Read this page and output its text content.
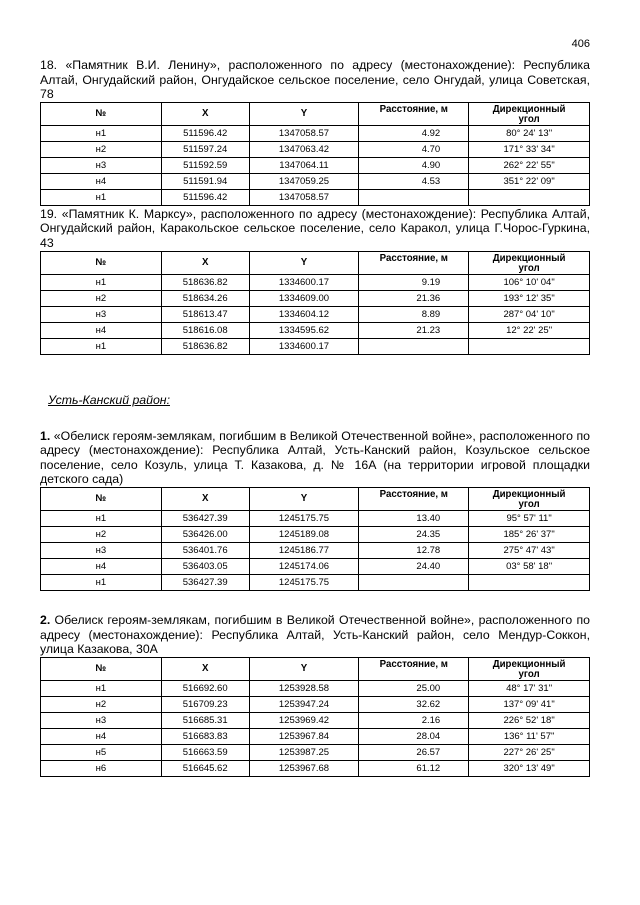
406

18. «Памятник В.И. Ленину», расположенного по адресу (местонахождение): Республика Алтай, Онгудайский район, Онгудайское сельское поселение, село Онгудай, улица Советская, 78

№	X	Y	Расстояние, м	Дирекционный
угол
н1	511596.42	1347058.57	4.92	80° 24' 13"
н2	511597.24	1347063.42	4.70	171° 33' 34"
н3	511592.59	1347064.11	4.90	262° 22' 55"
н4	511591.94	1347059.25	4.53	351° 22' 09"
н1	511596.42	1347058.57		

19. «Памятник К. Марксу», расположенного по адресу (местонахождение): Республика Алтай, Онгудайский район, Каракольское сельское поселение, село Каракол, улица Г.Чорос-Гуркина, 43

№	X	Y	Расстояние, м	Дирекционный
угол
н1	518636.82	1334600.17	9.19	106° 10' 04"
н2	518634.26	1334609.00	21.36	193° 12' 35"
н3	518613.47	1334604.12	8.89	287° 04' 10"
н4	518616.08	1334595.62	21.23	12° 22' 25"
н1	518636.82	1334600.17		
Усть-Канский район:

1. «Обелиск героям-землякам, погибшим в Великой Отечественной войне», расположенного по адресу (местонахождение): Республика Алтай, Усть-Канский район, Козульское сельское поселение, село Козуль, улица Т. Казакова, д. № 16А (на территории игровой площадки детского сада)

№	X	Y	Расстояние, м	Дирекционный
угол
н1	536427.39	1245175.75	13.40	95° 57' 11"
н2	536426.00	1245189.08	24.35	185° 26' 37"
н3	536401.76	1245186.77	12.78	275° 47' 43"
н4	536403.05	1245174.06	24.40	03° 58' 18"
н1	536427.39	1245175.75		

2. Обелиск героям-землякам, погибшим в Великой Отечественной войне», расположенного по адресу (местонахождение): Республика Алтай, Усть-Канский район, село Мендур-Соккон, улица Казакова, 30А

№	X	Y	Расстояние, м	Дирекционный
угол
н1	516692.60	1253928.58	25.00	48° 17' 31"
н2	516709.23	1253947.24	32.62	137° 09' 41"
н3	516685.31	1253969.42	2.16	226° 52' 18"
н4	516683.83	1253967.84	28.04	136° 11' 57"
н5	516663.59	1253987.25	26.57	227° 26' 25"
н6	516645.62	1253967.68	61.12	320° 13' 49"
